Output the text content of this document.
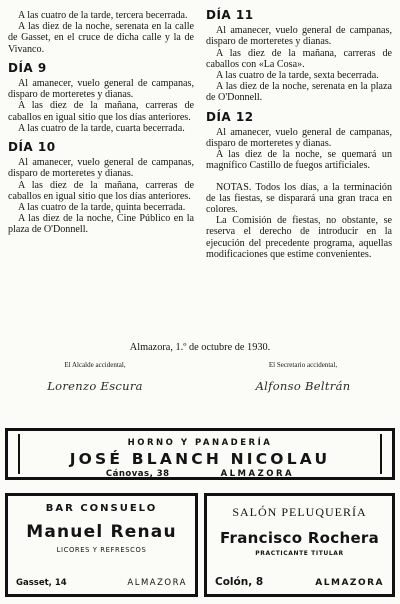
A las cuatro de la tarde, tercera becerrada.

A las diez de la noche, serenata en la calle de Gasset, en el cruce de dicha calle y la de Vivanco.

DÍA 9

Al amanecer, vuelo general de campanas, disparo de morteretes y dianas.

A las diez de la mañana, carreras de caballos en igual sitio que los días anteriores.

A las cuatro de la tarde, cuarta becerrada.

DÍA 10

Al amanecer, vuelo general de campanas, disparo de morteretes y dianas.

A las diez de la mañana, carreras de caballos en igual sitio que los días anteriores.

A las cuatro de la tarde, quinta becerrada.

A las diez de la noche, Cine Público en la plaza de O'Donnell.

DÍA 11

Al amanecer, vuelo general de campanas, disparo de morteretes y dianas.

A las diez de la mañana, carreras de caballos con «La Cosa».

A las cuatro de la tarde, sexta becerrada.

A las diez de la noche, serenata en la plaza de O'Donnell.

DÍA 12

Al amanecer, vuelo general de campanas, disparo de morteretes y dianas.

A las diez de la noche, se quemará un magnífico Castillo de fuegos artificiales.

NOTAS. Todos los días, a la terminación de las fiestas, se disparará una gran traca en colores.

La Comisión de fiestas, no obstante, se reserva el derecho de introducir en la ejecución del precedente programa, aquellas modificaciones que estime convenientes.

Almazora, 1.º de octubre de 1930.
El Alcalde accidental,
Lorenzo Escura
El Secretario accidental,
Alfonso Beltrán
HORNO Y PANADERÍA
JOSÉ BLANCH NICOLAU
Cánovas, 38	ALMAZORA
BAR CONSUELO
Manuel Renau
LICORES Y REFRESCOS
Gasset, 14	ALMAZORA
SALÓN PELUQUERÍA
Francisco Rochera
PRACTICANTE TITULAR
Colón, 8	ALMAZORA
